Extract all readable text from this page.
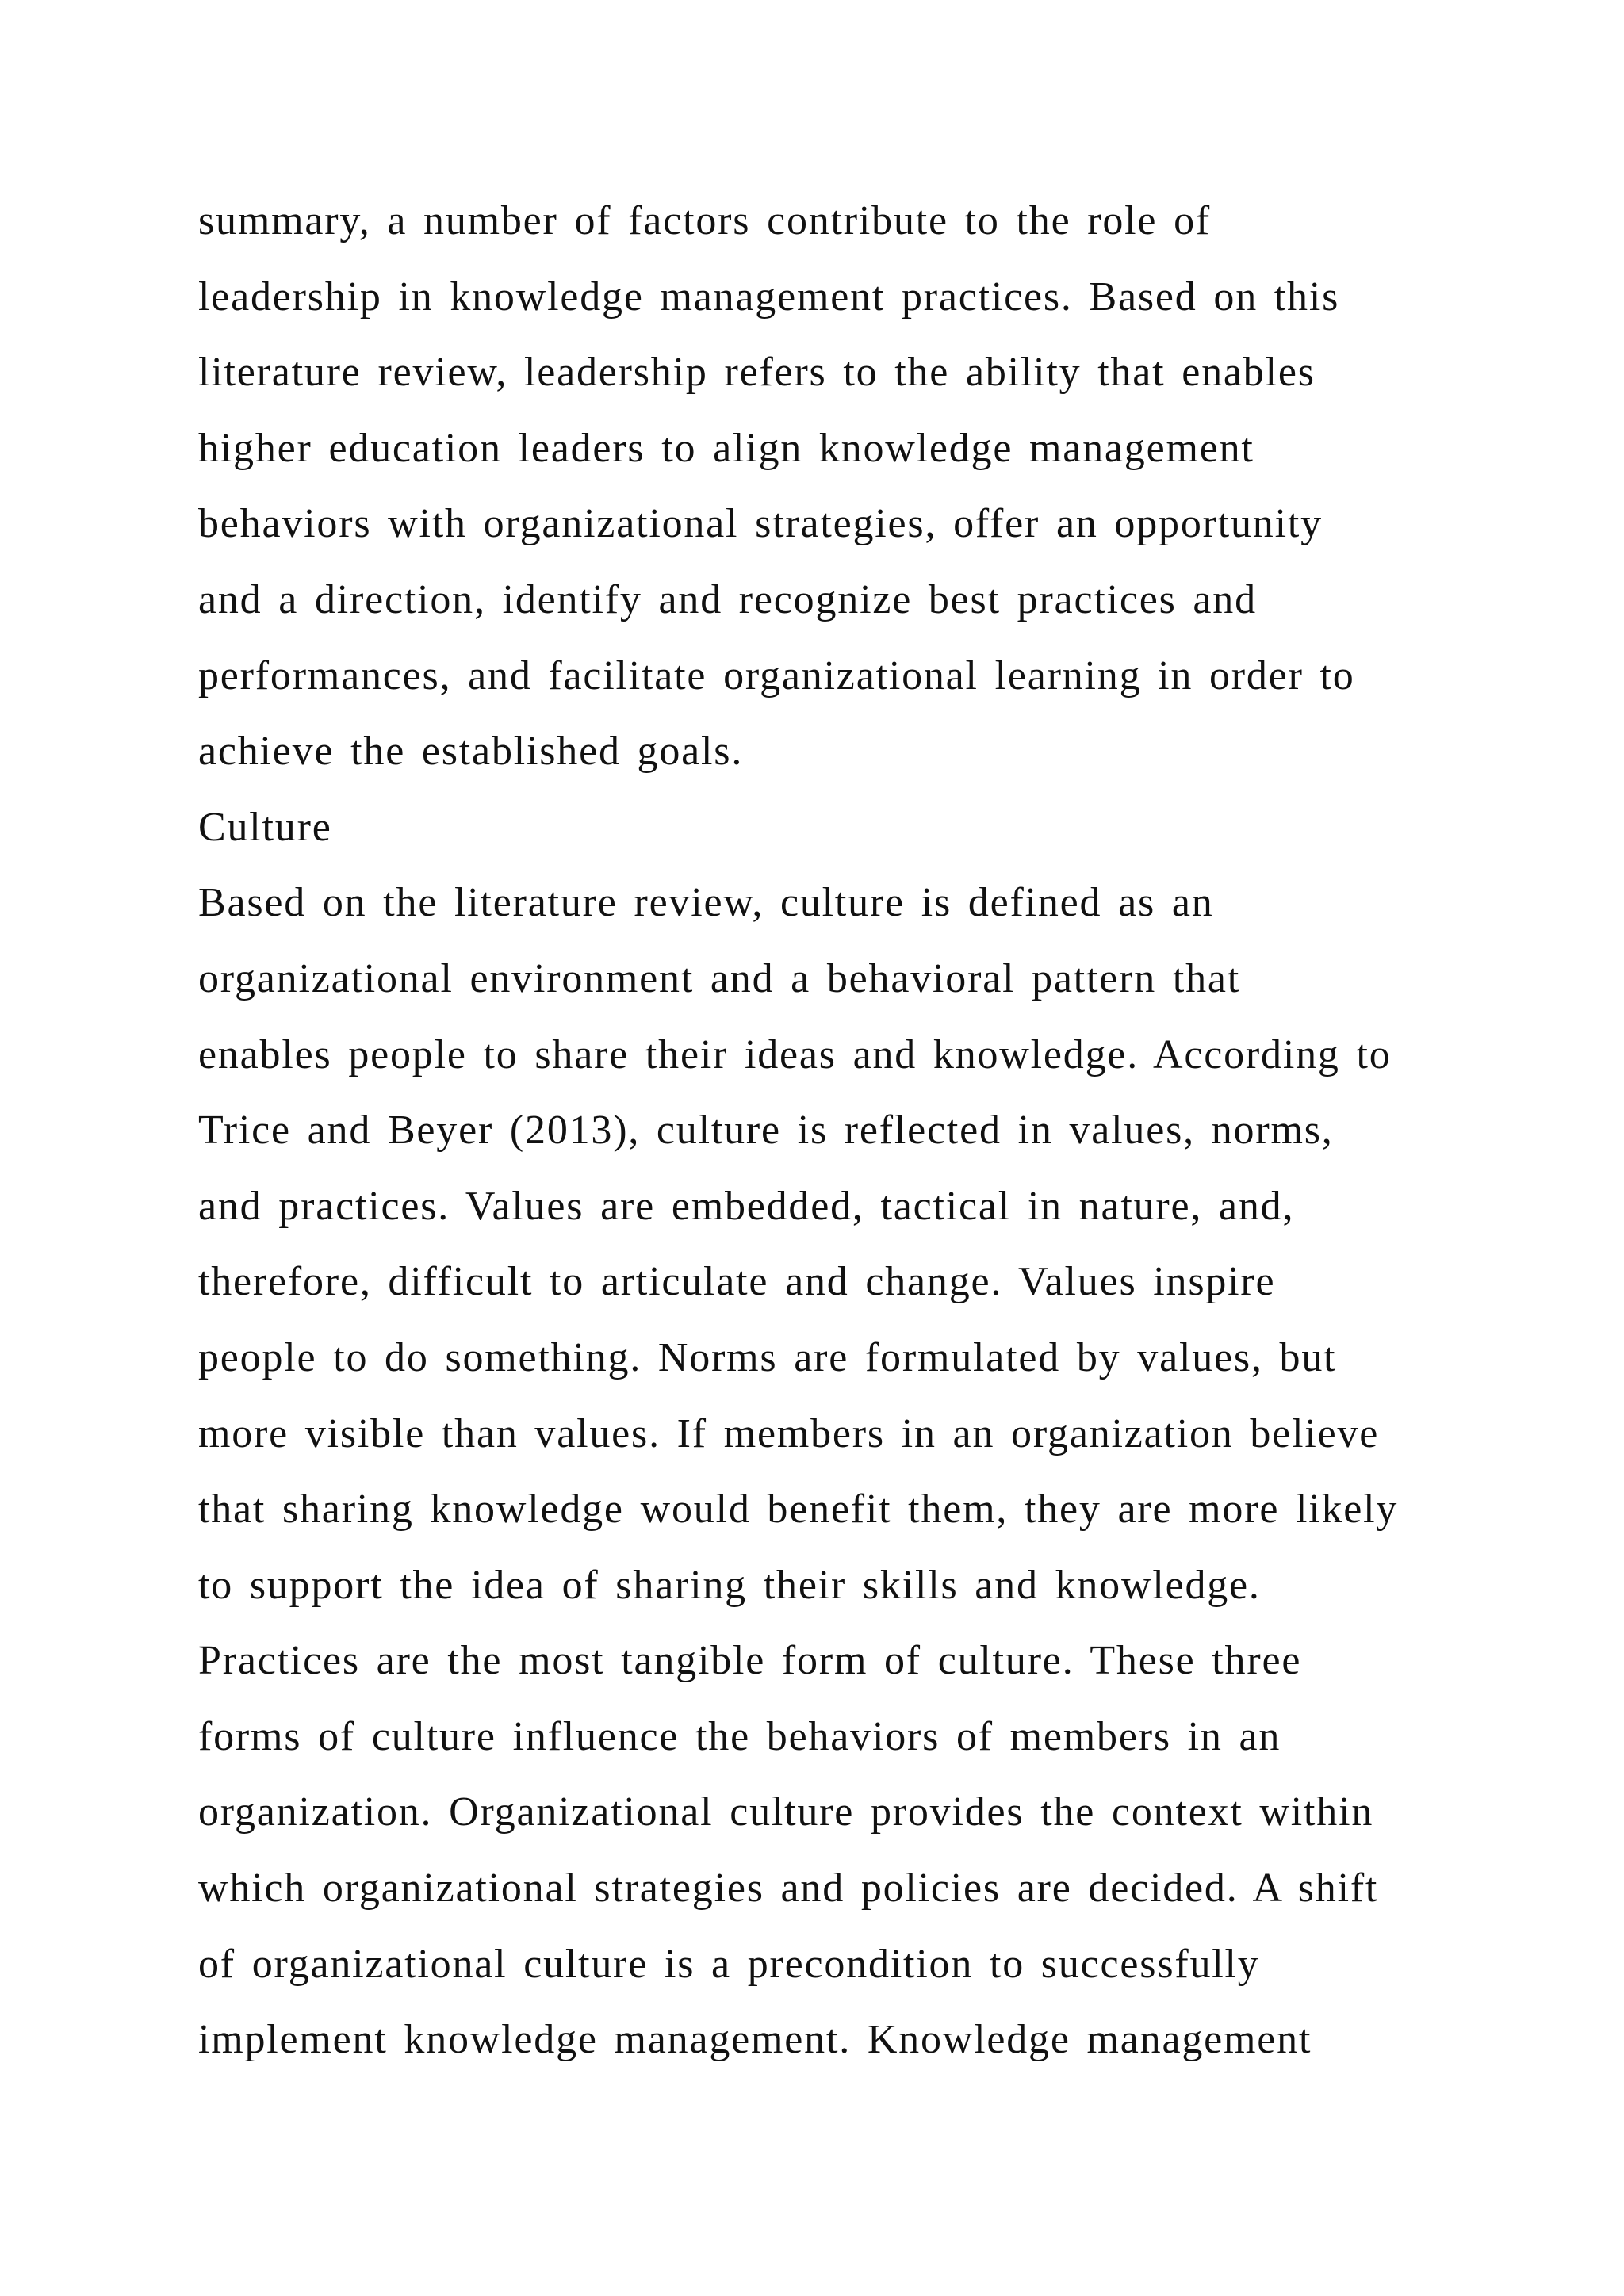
summary, a number of factors contribute to the role of
leadership in knowledge management practices. Based on this
literature review, leadership refers to the ability that enables
higher education leaders to align knowledge management
behaviors with organizational strategies, offer an opportunity
and a direction, identify and recognize best practices and
performances, and facilitate organizational learning in order to
achieve the established goals.
Culture
Based on the literature review, culture is defined as an
organizational environment and a behavioral pattern that
enables people to share their ideas and knowledge. According to
Trice and Beyer (2013), culture is reflected in values, norms,
and practices. Values are embedded, tactical in nature, and,
therefore, difficult to articulate and change. Values inspire
people to do something. Norms are formulated by values, but
more visible than values. If members in an organization believe
that sharing knowledge would benefit them, they are more likely
to support the idea of sharing their skills and knowledge.
Practices are the most tangible form of culture. These three
forms of culture influence the behaviors of members in an
organization. Organizational culture provides the context within
which organizational strategies and policies are decided. A shift
of organizational culture is a precondition to successfully
implement knowledge management. Knowledge management
